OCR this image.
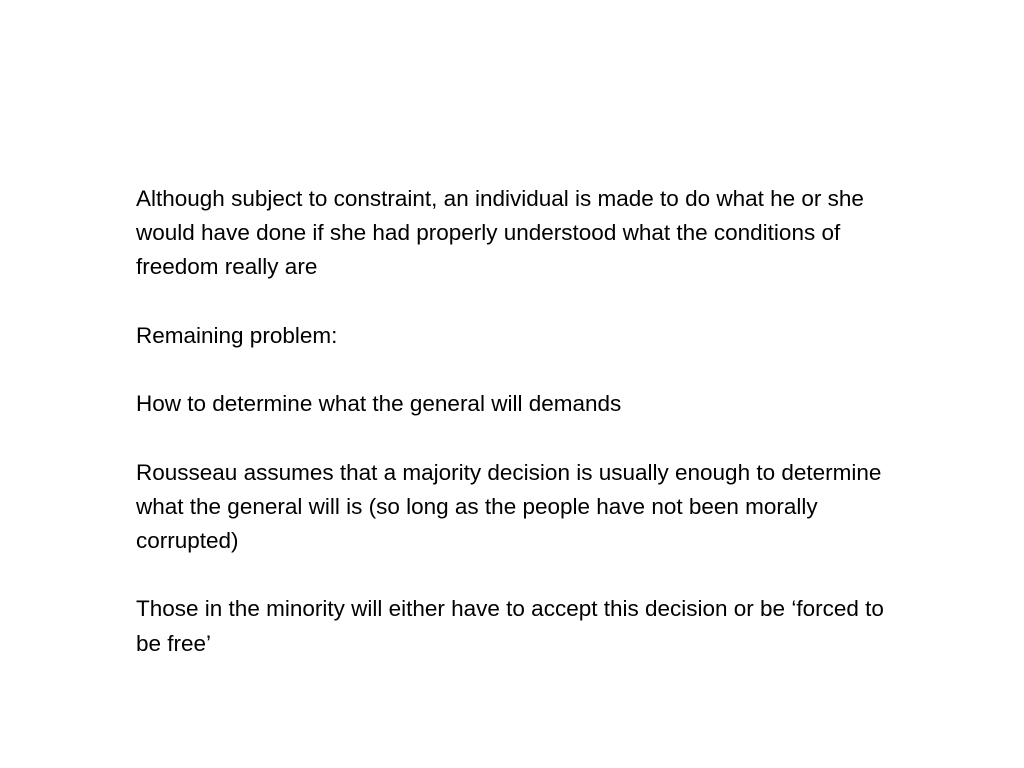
Although subject to constraint, an individual is made to do what he or she would have done if she had properly understood what the conditions of freedom really are

Remaining problem:

How to determine what the general will demands

Rousseau assumes that a majority decision is usually enough to determine what the general will is (so long as the people have not been morally corrupted)

Those in the minority will either have to accept this decision or be ‘forced to be free’
